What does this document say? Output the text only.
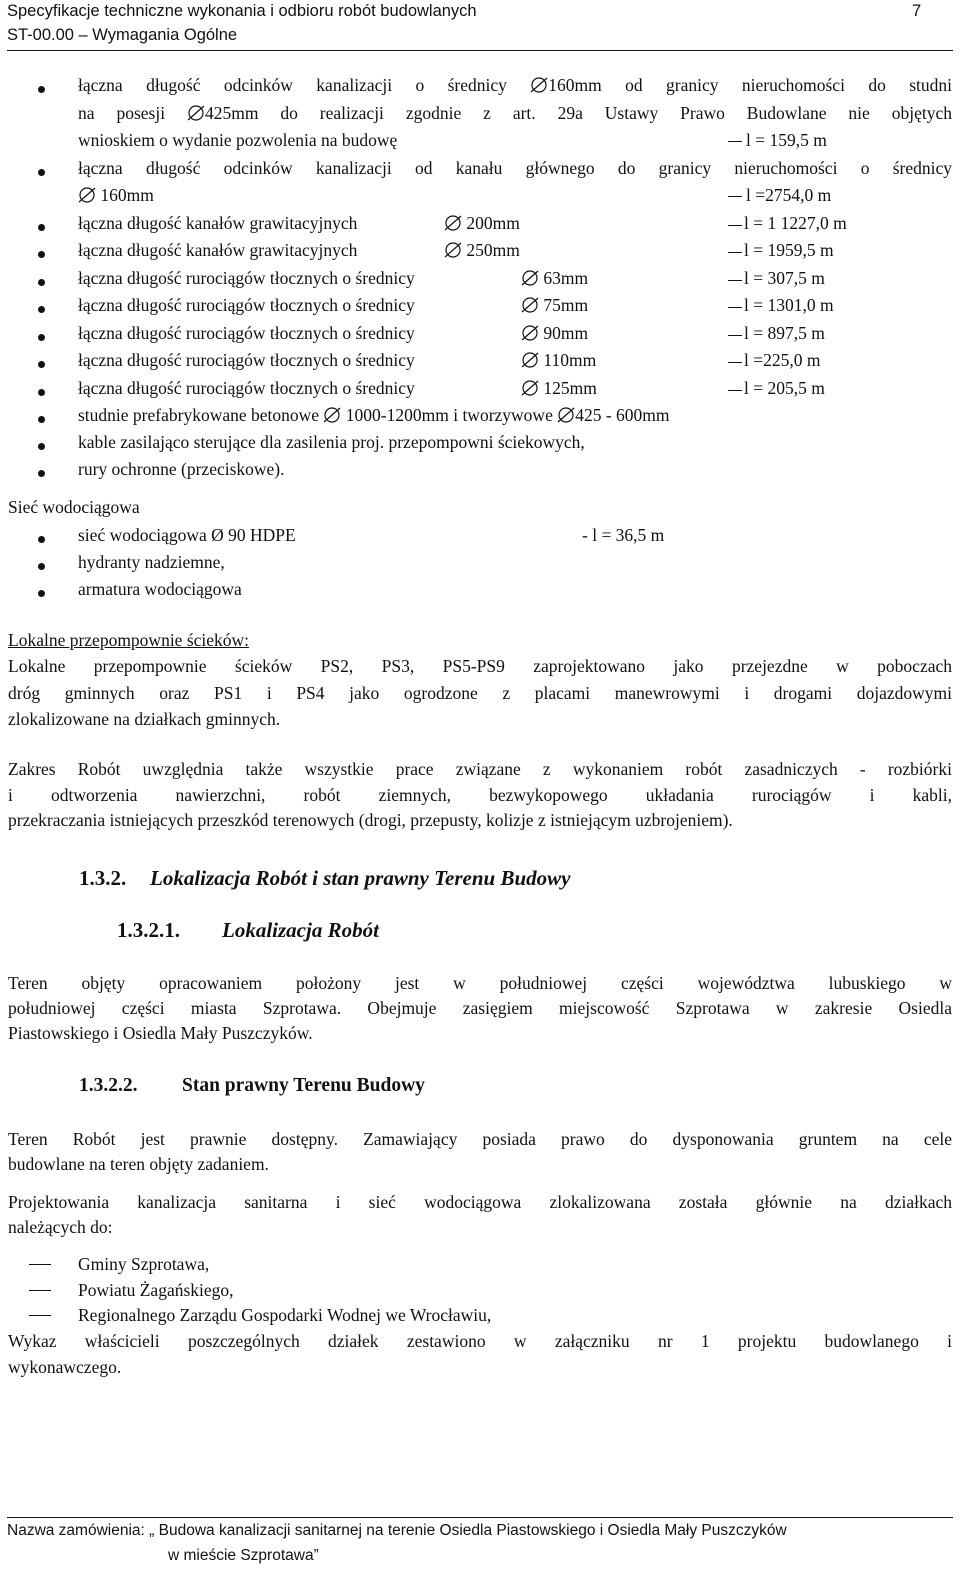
Specyfikacje techniczne wykonania i odbioru robót budowlanych	7
ST-00.00 – Wymagania Ogólne
łączna długość odcinków kanalizacji o średnicy 160mm od granicy nieruchomości do studni
na posesji 425mm do realizacji zgodnie z art. 29a Ustawy Prawo Budowlane nie objętych
wnioskiem o wydanie pozwolenia na budowę	l = 159,5 m
łączna długość odcinków kanalizacji od kanału głównego do granicy nieruchomości o średnicy
160mm	l =2754,0 m
łączna długość kanałów grawitacyjnych	200mm	l = 1 1227,0 m
łączna długość kanałów grawitacyjnych	250mm	l = 1959,5 m
łączna długość rurociągów tłocznych o średnicy	63mm	l = 307,5 m
łączna długość rurociągów tłocznych o średnicy	75mm	l = 1301,0 m
łączna długość rurociągów tłocznych o średnicy	90mm	l = 897,5 m
łączna długość rurociągów tłocznych o średnicy	110mm	l =225,0 m
łączna długość rurociągów tłocznych o średnicy	125mm	l = 205,5 m
studnie prefabrykowane betonowe  1000-1200mm i tworzywowe 425 - 600mm
kable zasilająco sterujące dla zasilenia proj. przepompowni ściekowych,
rury ochronne (przeciskowe).
Sieć wodociągowa
sieć wodociągowa Ø 90 HDPE	- l = 36,5 m
hydranty nadziemne,
armatura wodociągowa
Lokalne przepompownie ścieków:
Lokalne przepompownie ścieków PS2, PS3, PS5-PS9 zaprojektowano jako przejezdne w poboczach
dróg gminnych oraz PS1 i PS4 jako ogrodzone z placami manewrowymi i drogami dojazdowymi
zlokalizowane na działkach gminnych.
Zakres Robót uwzględnia także wszystkie prace związane z wykonaniem robót zasadniczych - rozbiórki
i odtworzenia nawierzchni, robót ziemnych, bezwykopowego układania rurociągów i kabli,
przekraczania istniejących przeszkód terenowych (drogi, przepusty, kolizje z istniejącym uzbrojeniem).
1.3.2. Lokalizacja Robót i stan prawny Terenu Budowy
1.3.2.1. Lokalizacja Robót
Teren objęty opracowaniem położony jest w południowej części województwa lubuskiego w
południowej części miasta Szprotawa. Obejmuje zasięgiem miejscowość Szprotawa w zakresie Osiedla
Piastowskiego i Osiedla Mały Puszczyków.
1.3.2.2. Stan prawny Terenu Budowy
Teren Robót jest prawnie dostępny. Zamawiający posiada prawo do dysponowania gruntem na cele
budowlane na teren objęty zadaniem.
Projektowania kanalizacja sanitarna i sieć wodociągowa zlokalizowana została głównie na działkach
należących do:
Gminy Szprotawa,
Powiatu Żagańskiego,
Regionalnego Zarządu Gospodarki Wodnej we Wrocławiu,
Wykaz właścicieli poszczególnych działek zestawiono w załączniku nr 1 projektu budowlanego i
wykonawczego.
Nazwa zamówienia: „ Budowa kanalizacji sanitarnej na terenie Osiedla Piastowskiego i Osiedla Mały Puszczyków
w mieście Szprotawa”
